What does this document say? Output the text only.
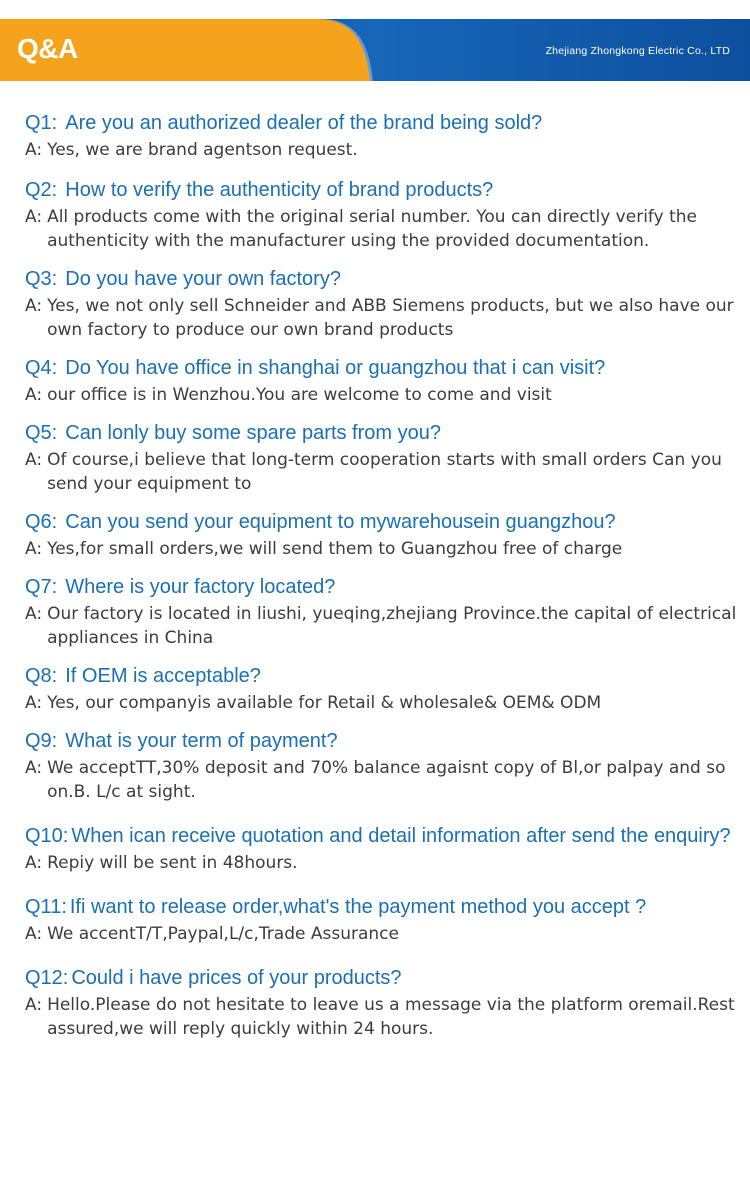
Q&A	Zhejiang Zhongkong Electric Co., LTD
Q1: Are you an authorized dealer of the brand being sold?
A: Yes, we are brand agentson request.
Q2: How to verify the authenticity of brand products?
A: All products come with the original serial number. You can directly verify the authenticity with the manufacturer using the provided documentation.
Q3: Do you have your own factory?
A: Yes, we not only sell Schneider and ABB Siemens products, but we also have our own factory to produce our own brand products
Q4: Do You have office in shanghai or guangzhou that i can visit?
A: our office is in Wenzhou.You are welcome to come and visit
Q5: Can lonly buy some spare parts from you?
A: Of course,i believe that long-term cooperation starts with small orders Can you send your equipment to
Q6: Can you send your equipment to mywarehousein guangzhou?
A: Yes,for small orders,we will send them to Guangzhou free of charge
Q7: Where is your factory located?
A: Our factory is located in liushi, yueqing,zhejiang Province.the capital of electrical appliances in China
Q8: If OEM is acceptable?
A: Yes, our companyis available for Retail & wholesale& OEM& ODM
Q9: What is your term of payment?
A: We acceptTT,30% deposit and 70% balance agaisnt copy of Bl,or palpay and so on.B. L/c at sight.
Q10: When ican receive quotation and detail information after send the enquiry?
A: Repiy will be sent in 48hours.
Q11: Ifi want to release order,what's the payment method you accept ?
A: We accentT/T,Paypal,L/c,Trade Assurance
Q12: Could i have prices of your products?
A: Hello.Please do not hesitate to leave us a message via the platform oremail.Rest assured,we will reply quickly within 24 hours.
